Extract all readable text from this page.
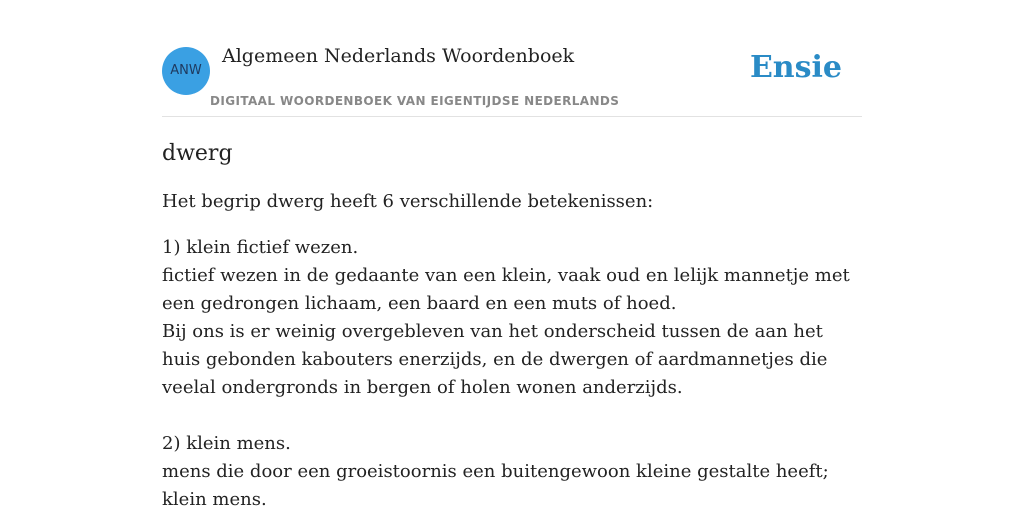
ANW
Algemeen Nederlands Woordenboek
DIGITAAL WOORDENBOEK VAN EIGENTIJDSE NEDERLANDS
Ensie
dwerg

Het begrip dwerg heeft 6 verschillende betekenissen:

1) klein fictief wezen.

fictief wezen in de gedaante van een klein, vaak oud en lelijk mannetje met een gedrongen lichaam, een baard en een muts of hoed.

Bij ons is er weinig overgebleven van het onderscheid tussen de aan het huis gebonden kabouters enerzijds, en de dwergen of aardmannetjes die veelal ondergronds in bergen of holen wonen anderzijds.

2) klein mens.

mens die door een groeistoornis een buitengewoon kleine gestalte heeft; klein mens.
